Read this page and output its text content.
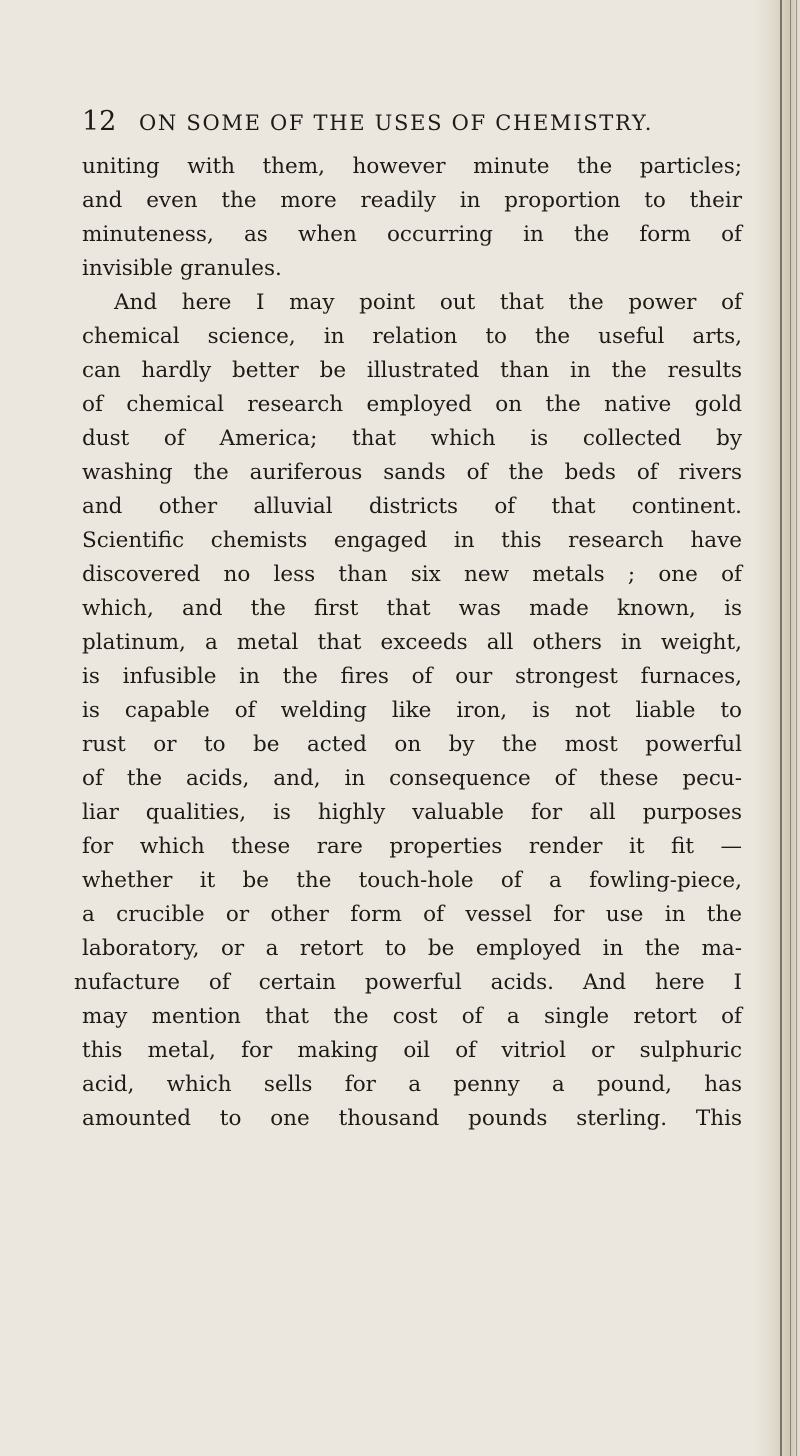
12 ON SOME OF THE USES OF CHEMISTRY.
uniting with them, however minute the particles;
and even the more readily in proportion to their
minuteness, as when occurring in the form of
invisible granules.
And here I may point out that the power of
chemical science, in relation to the useful arts,
can hardly better be illustrated than in the results
of chemical research employed on the native gold
dust of America; that which is collected by
washing the auriferous sands of the beds of rivers
and other alluvial districts of that continent.
Scientific chemists engaged in this research have
discovered no less than six new metals ; one of
which, and the first that was made known, is
platinum, a metal that exceeds all others in weight,
is infusible in the fires of our strongest furnaces,
is capable of welding like iron, is not liable to
rust or to be acted on by the most powerful
of the acids, and, in consequence of these pecu-
liar qualities, is highly valuable for all purposes
for which these rare properties render it fit —
whether it be the touch-hole of a fowling-piece,
a crucible or other form of vessel for use in the
laboratory, or a retort to be employed in the ma-
nufacture of certain powerful acids. And here I
may mention that the cost of a single retort of
this metal, for making oil of vitriol or sulphuric
acid, which sells for a penny a pound, has
amounted to one thousand pounds sterling. This
